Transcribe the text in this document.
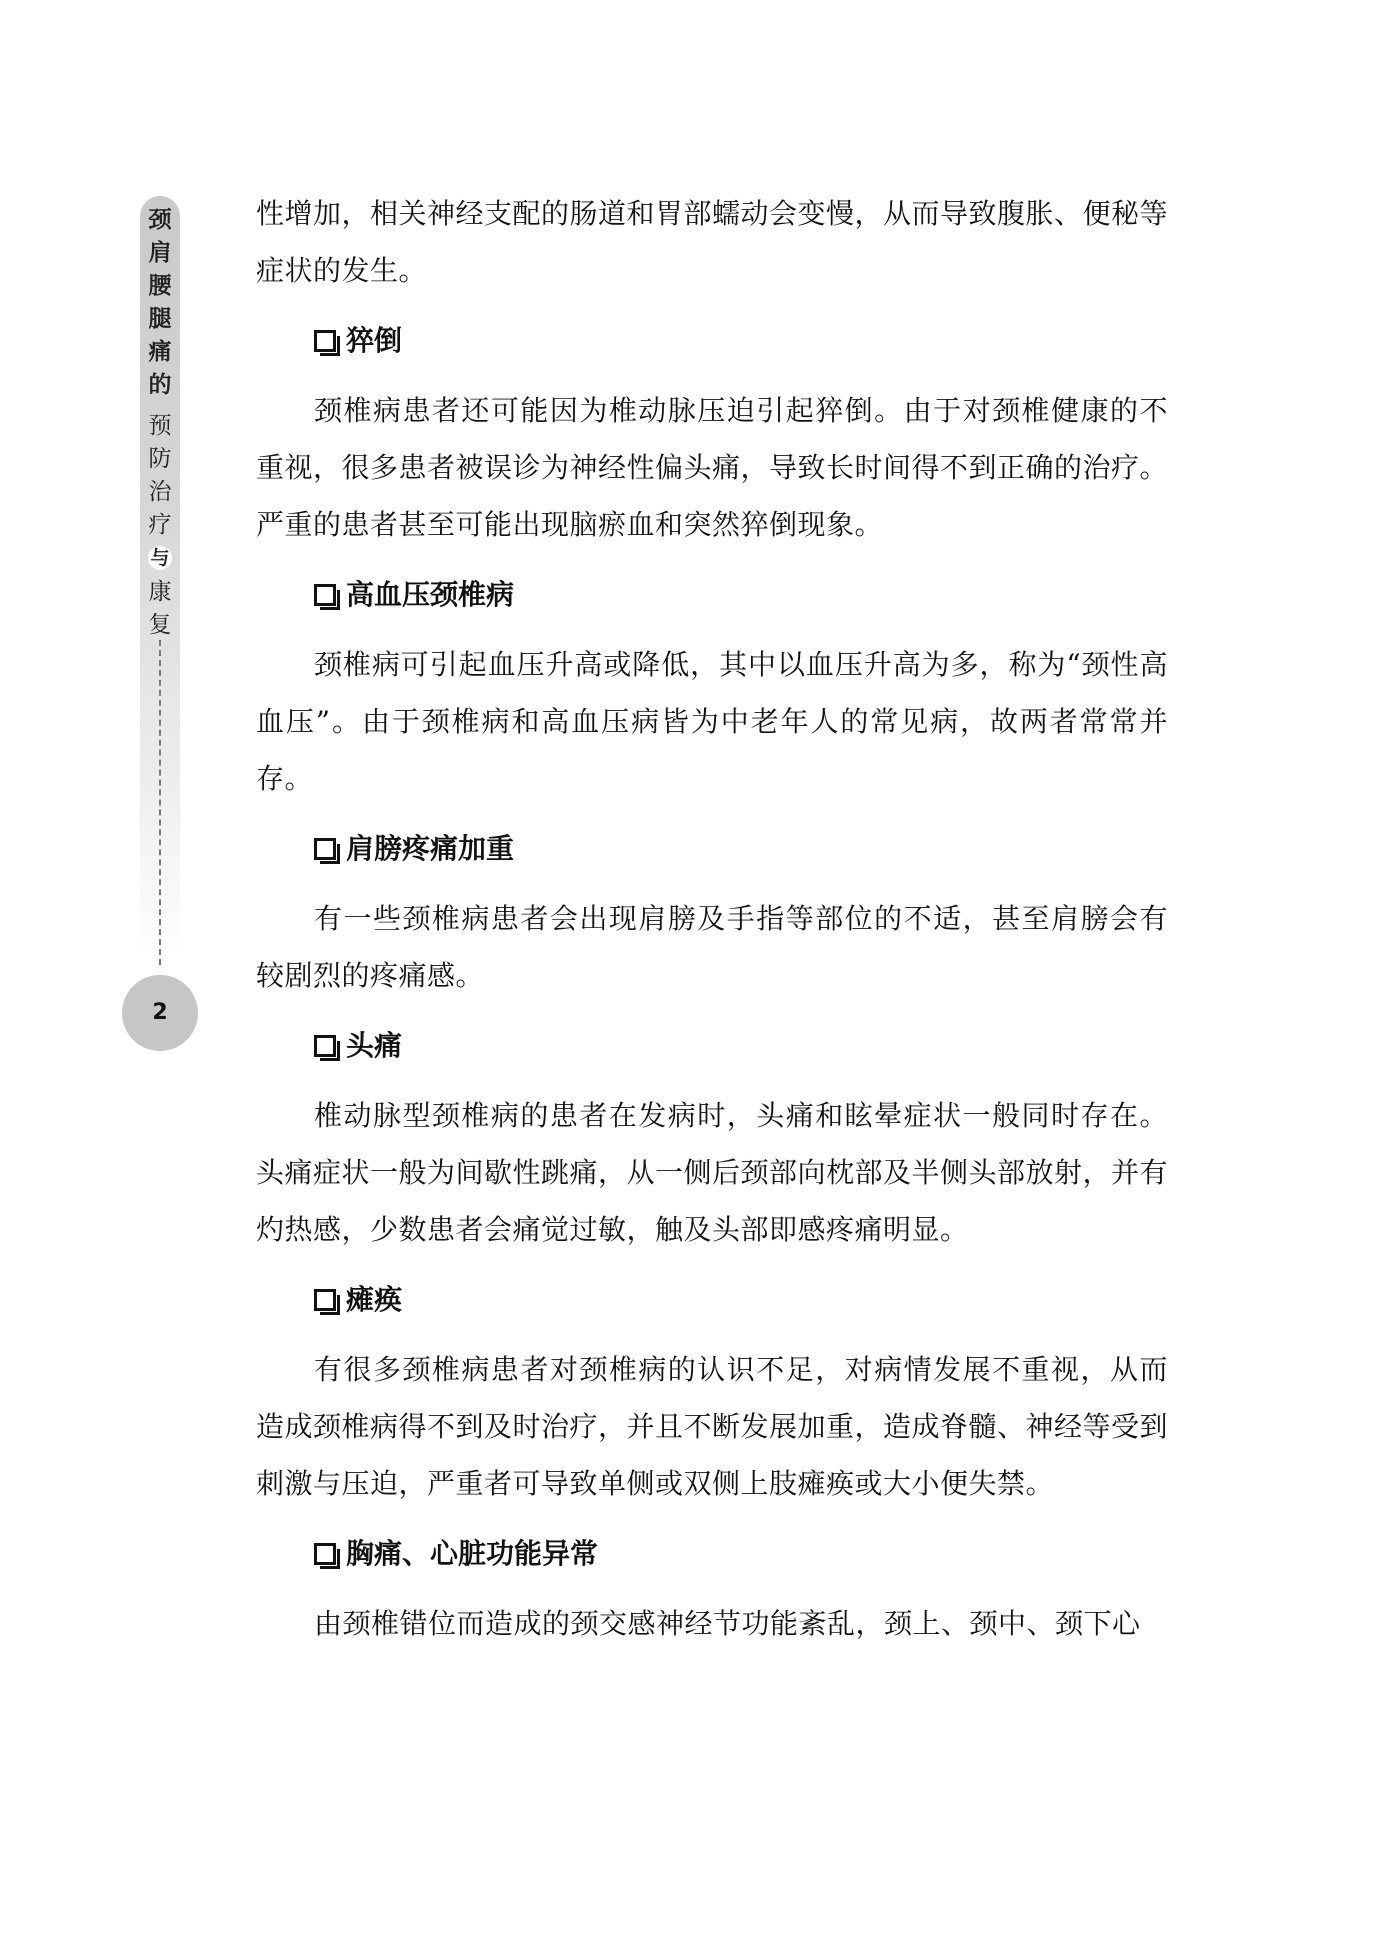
颈
肩
腰
腿
痛
的
预
防
治
疗
与
康
复
2

性增加，相关神经支配的肠道和胃部蠕动会变慢，从而导致腹胀、便秘等症状的发生。

猝倒

颈椎病患者还可能因为椎动脉压迫引起猝倒。由于对颈椎健康的不重视，很多患者被误诊为神经性偏头痛，导致长时间得不到正确的治疗。严重的患者甚至可能出现脑瘀血和突然猝倒现象。

高血压颈椎病

颈椎病可引起血压升高或降低，其中以血压升高为多，称为“颈性高血压”。由于颈椎病和高血压病皆为中老年人的常见病，故两者常常并存。

肩膀疼痛加重

有一些颈椎病患者会出现肩膀及手指等部位的不适，甚至肩膀会有较剧烈的疼痛感。

头痛

椎动脉型颈椎病的患者在发病时，头痛和眩晕症状一般同时存在。头痛症状一般为间歇性跳痛，从一侧后颈部向枕部及半侧头部放射，并有灼热感，少数患者会痛觉过敏，触及头部即感疼痛明显。

瘫痪

有很多颈椎病患者对颈椎病的认识不足，对病情发展不重视，从而造成颈椎病得不到及时治疗，并且不断发展加重，造成脊髓、神经等受到刺激与压迫，严重者可导致单侧或双侧上肢瘫痪或大小便失禁。

胸痛、心脏功能异常

由颈椎错位而造成的颈交感神经节功能紊乱，颈上、颈中、颈下心
